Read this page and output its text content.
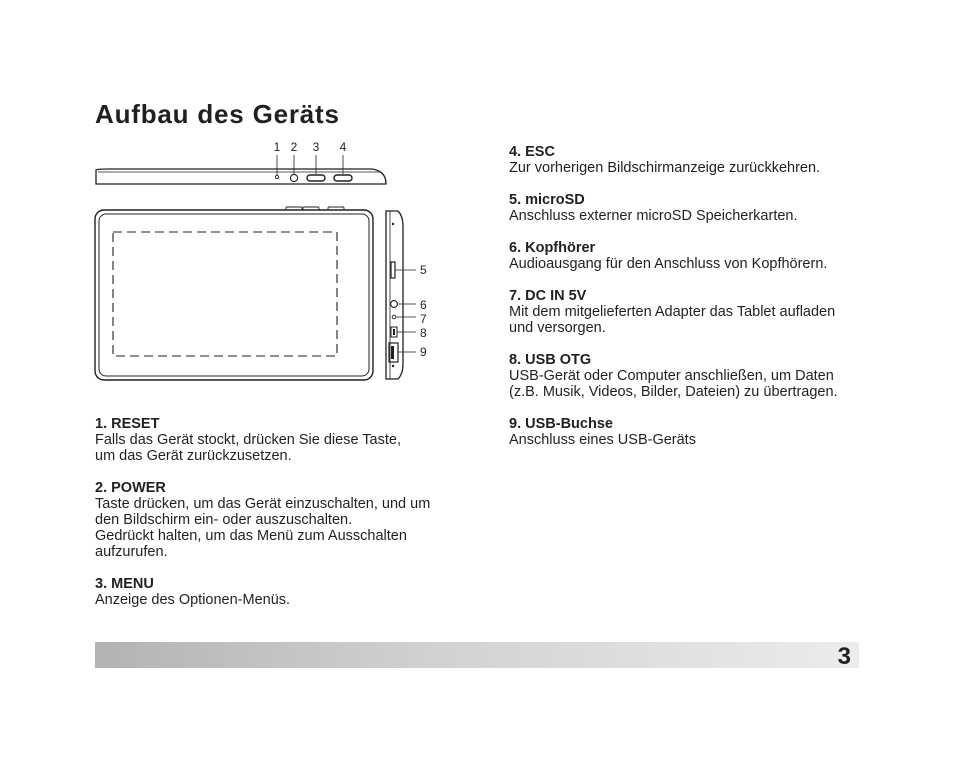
Aufbau des Geräts
1 2 3 4
5
6
7
8
9
1. RESET
Falls das Gerät stockt, drücken Sie diese Taste,
um das Gerät zurückzusetzen.
2. POWER
Taste drücken, um das Gerät einzuschalten, und um
den Bildschirm ein- oder auszuschalten.
Gedrückt halten, um das Menü zum Ausschalten
aufzurufen.
3. MENU
Anzeige des Optionen-Menüs.
4. ESC
Zur vorherigen Bildschirmanzeige zurückkehren.
5. microSD
Anschluss externer microSD Speicherkarten.
6. Kopfhörer
Audioausgang für den Anschluss von Kopfhörern.
7. DC IN 5V
Mit dem mitgelieferten Adapter das Tablet aufladen
und versorgen.
8. USB OTG
USB-Gerät oder Computer anschließen, um Daten
(z.B. Musik, Videos, Bilder, Dateien) zu übertragen.
9. USB-Buchse
Anschluss eines USB-Geräts
3
